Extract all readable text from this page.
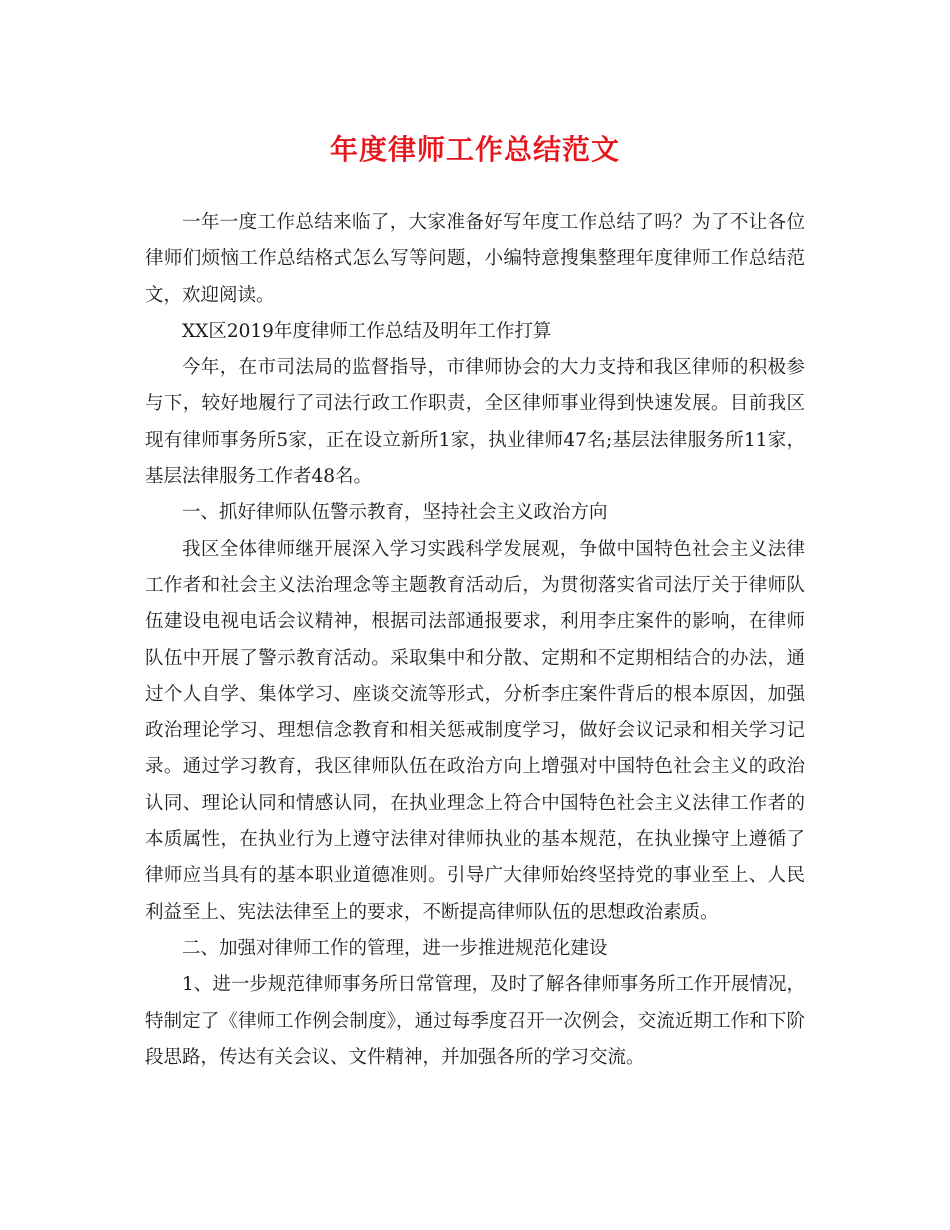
年度律师工作总结范文

一年一度工作总结来临了，大家准备好写年度工作总结了吗？为了不让各位律师们烦恼工作总结格式怎么写等问题，小编特意搜集整理年度律师工作总结范文，欢迎阅读。

XX区2019年度律师工作总结及明年工作打算

今年，在市司法局的监督指导，市律师协会的大力支持和我区律师的积极参与下，较好地履行了司法行政工作职责，全区律师事业得到快速发展。目前我区现有律师事务所5家，正在设立新所1家，执业律师47名;基层法律服务所11家，基层法律服务工作者48名。

一、抓好律师队伍警示教育，坚持社会主义政治方向

我区全体律师继开展深入学习实践科学发展观，争做中国特色社会主义法律工作者和社会主义法治理念等主题教育活动后，为贯彻落实省司法厅关于律师队伍建设电视电话会议精神，根据司法部通报要求，利用李庄案件的影响，在律师队伍中开展了警示教育活动。采取集中和分散、定期和不定期相结合的办法，通过个人自学、集体学习、座谈交流等形式，分析李庄案件背后的根本原因，加强政治理论学习、理想信念教育和相关惩戒制度学习，做好会议记录和相关学习记录。通过学习教育，我区律师队伍在政治方向上增强对中国特色社会主义的政治认同、理论认同和情感认同，在执业理念上符合中国特色社会主义法律工作者的本质属性，在执业行为上遵守法律对律师执业的基本规范，在执业操守上遵循了律师应当具有的基本职业道德准则。引导广大律师始终坚持党的事业至上、人民利益至上、宪法法律至上的要求，不断提高律师队伍的思想政治素质。

二、加强对律师工作的管理，进一步推进规范化建设

1、进一步规范律师事务所日常管理，及时了解各律师事务所工作开展情况，特制定了《律师工作例会制度》，通过每季度召开一次例会，交流近期工作和下阶段思路，传达有关会议、文件精神，并加强各所的学习交流。
